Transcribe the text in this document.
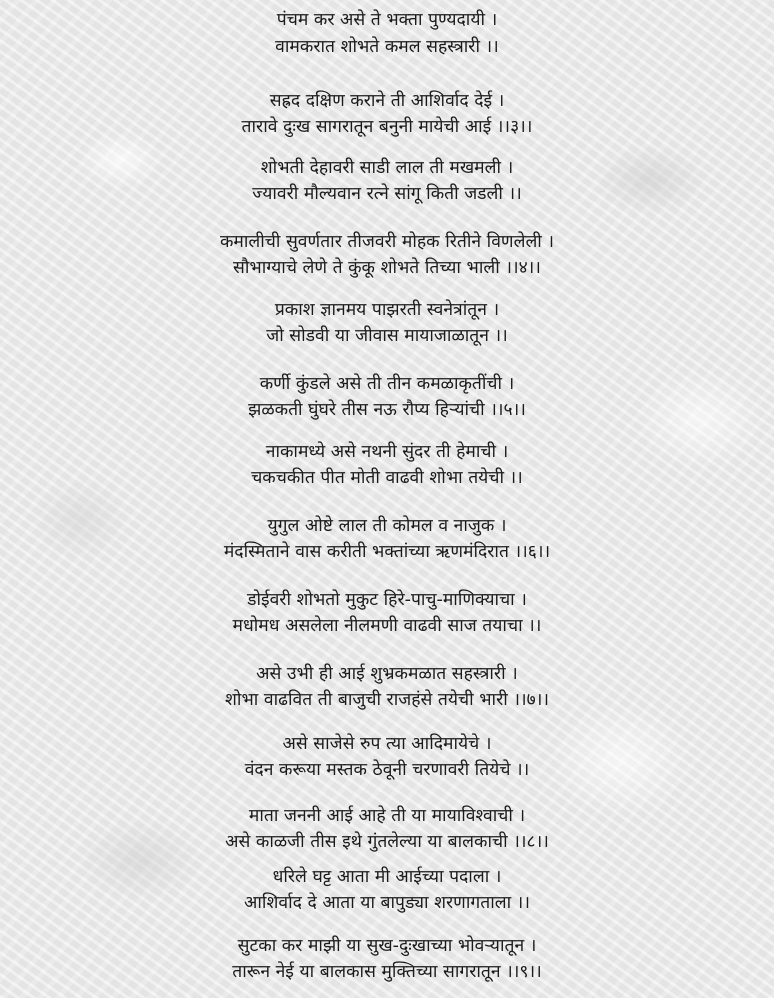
पंचम कर असे ते भक्ता पुण्यदायी ।
वामकरात शोभते कमल सहस्त्रारी ।।
सह्रद दक्षिण कराने ती आशिर्वाद देई ।
तारावे दुःख सागरातून बनुनी मायेची आई ।।३।।
शोभती देहावरी साडी लाल ती मखमली ।
ज्यावरी मौल्यवान रत्ने सांगू किती जडली ।।
कमालीची सुवर्णतार तीजवरी मोहक रितीने विणलेली ।
सौभाग्याचे लेणे ते कुंकू शोभते तिच्या भाली ।।४।।
प्रकाश ज्ञानमय पाझरती स्वनेत्रांतून ।
जो सोडवी या जीवास मायाजाळातून ।।
कर्णी कुंडले असे ती तीन कमळाकृतींची ।
झळकती घुंघरे तीस नऊ रौप्य हिऱ्यांची ।।५।।
नाकामध्ये असे नथनी सुंदर ती हेमाची ।
चकचकीत पीत मोती वाढवी शोभा तयेची ।।
युगुल ओष्टे लाल ती कोमल व नाजुक ।
मंदस्मिताने वास करीती भक्तांच्या ऋणमंदिरात ।।६।।
डोईवरी शोभतो मुकुट हिरे-पाचु-माणिक्याचा ।
मधोमध असलेला नीलमणी वाढवी साज तयाचा ।।
असे उभी ही आई शुभ्रकमळात सहस्त्रारी ।
शोभा वाढवित ती बाजुची राजहंसे तयेची भारी ।।७।।
असे साजेसे रुप त्या आदिमायेचे ।
वंदन करूया मस्तक ठेवूनी चरणावरी तियेचे ।।
माता जननी आई आहे ती या मायाविश्वाची ।
असे काळजी तीस इथे गुंतलेल्या या बालकाची ।।८।।
धरिले घट्ट आता मी आईच्या पदाला ।
आशिर्वाद दे आता या बापुड्या शरणागताला ।।
सुटका कर माझी या सुख-दुःखाच्या भोवऱ्यातून ।
तारून नेई या बालकास मुक्तिच्या सागरातून ।।९।।
